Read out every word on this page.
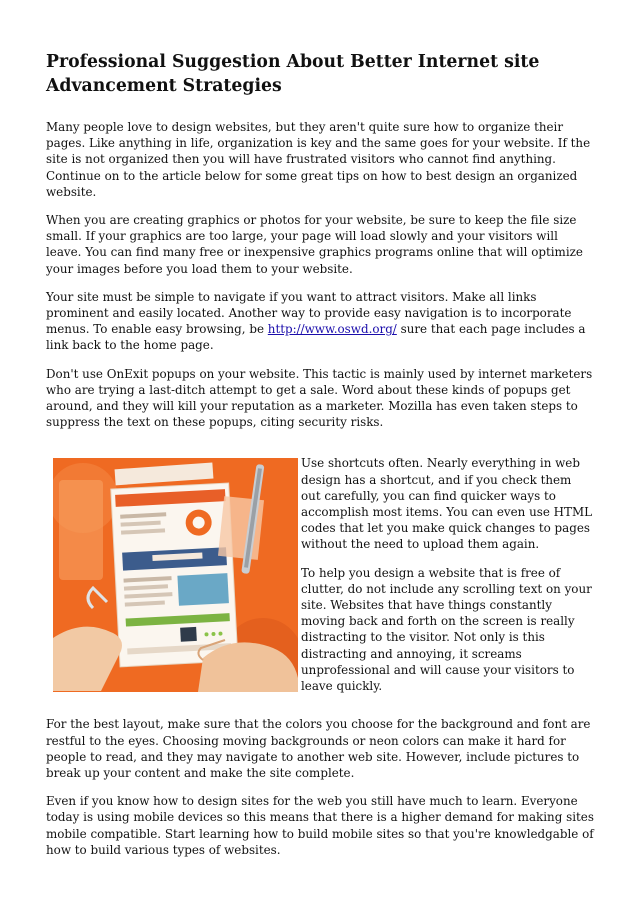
Professional Suggestion About Better Internet site Advancement Strategies

Many people love to design websites, but they aren't quite sure how to organize their pages. Like anything in life, organization is key and the same goes for your website. If the site is not organized then you will have frustrated visitors who cannot find anything. Continue on to the article below for some great tips on how to best design an organized website.

When you are creating graphics or photos for your website, be sure to keep the file size small. If your graphics are too large, your page will load slowly and your visitors will leave. You can find many free or inexpensive graphics programs online that will optimize your images before you load them to your website.

Your site must be simple to navigate if you want to attract visitors. Make all links prominent and easily located. Another way to provide easy navigation is to incorporate menus. To enable easy browsing, be http://www.oswd.org/ sure that each page includes a link back to the home page.

Don't use OnExit popups on your website. This tactic is mainly used by internet marketers who are trying a last-ditch attempt to get a sale. Word about these kinds of popups get around, and they will kill your reputation as a marketer. Mozilla has even taken steps to suppress the text on these popups, citing security risks.

Use shortcuts often. Nearly everything in web design has a shortcut, and if you check them out carefully, you can find quicker ways to accomplish most items. You can even use HTML codes that let you make quick changes to pages without the need to upload them again.

To help you design a website that is free of clutter, do not include any scrolling text on your site. Websites that have things constantly moving back and forth on the screen is really distracting to the visitor. Not only is this distracting and annoying, it screams unprofessional and will cause your visitors to leave quickly.

For the best layout, make sure that the colors you choose for the background and font are restful to the eyes. Choosing moving backgrounds or neon colors can make it hard for people to read, and they may navigate to another web site. However, include pictures to break up your content and make the site complete.

Even if you know how to design sites for the web you still have much to learn. Everyone today is using mobile devices so this means that there is a higher demand for making sites mobile compatible. Start learning how to build mobile sites so that you're knowledgable of how to build various types of websites.
